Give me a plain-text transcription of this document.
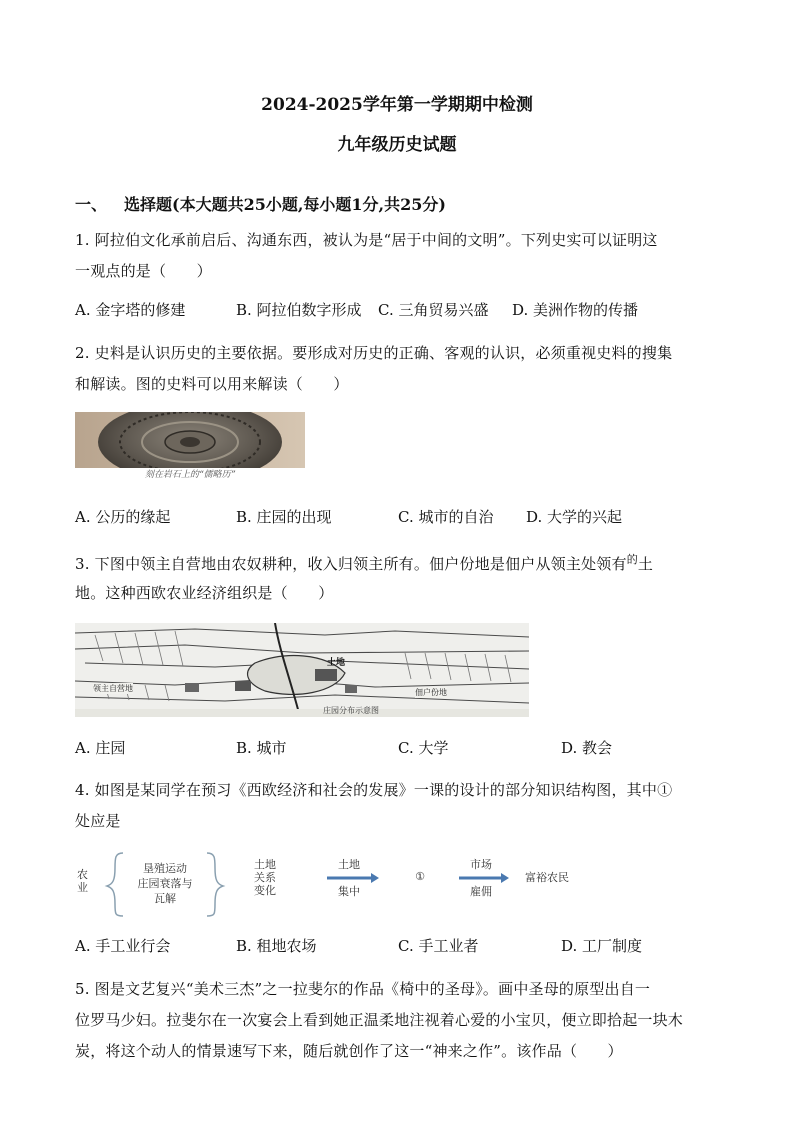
2024-2025学年第一学期期中检测
九年级历史试题
一、 选择题(本大题共25小题,每小题1分,共25分)
1. 阿拉伯文化承前启后、沟通东西，被认为是“居于中间的文明”。下列史实可以证明这
一观点的是（　　）
A. 金字塔的修建	B. 阿拉伯数字形成 C. 三角贸易兴盛 D. 美洲作物的传播
2. 史料是认识历史的主要依据。要形成对历史的正确、客观的认识，必须重视史料的搜集
和解读。图的史料可以用来解读（　　）
刻在岩石上的“儒略历”
A. 公历的缘起	B. 庄园的出现	C. 城市的自治 D. 大学的兴起
3. 下图中领主自营地由农奴耕种，收入归领主所有。佃户份地是佃户从领主处领有$^的$土
地。这种西欧农业经济组织是（　　）
领主自营地	佃户份地
土地
庄园分布示意图
A. 庄园	B. 城市	C. 大学	D. 教会
4. 如图是某同学在预习《西欧经济和社会的发展》一课的设计的部分知识结构图，其中①
处应是
农
业
垦殖运动
庄园衰落与
瓦解
土地
关系
变化
土地
集中
①
市场
雇佣
富裕农民
A. 手工业行会	B. 租地农场	C. 手工业者	D. 工厂制度
5. 图是文艺复兴“美术三杰”之一拉斐尔的作品《椅中的圣母》。画中圣母的原型出自一
位罗马少妇。拉斐尔在一次宴会上看到她正温柔地注视着心爱的小宝贝，便立即拾起一块木
炭，将这个动人的情景速写下来，随后就创作了这一“神来之作”。该作品（　　）
